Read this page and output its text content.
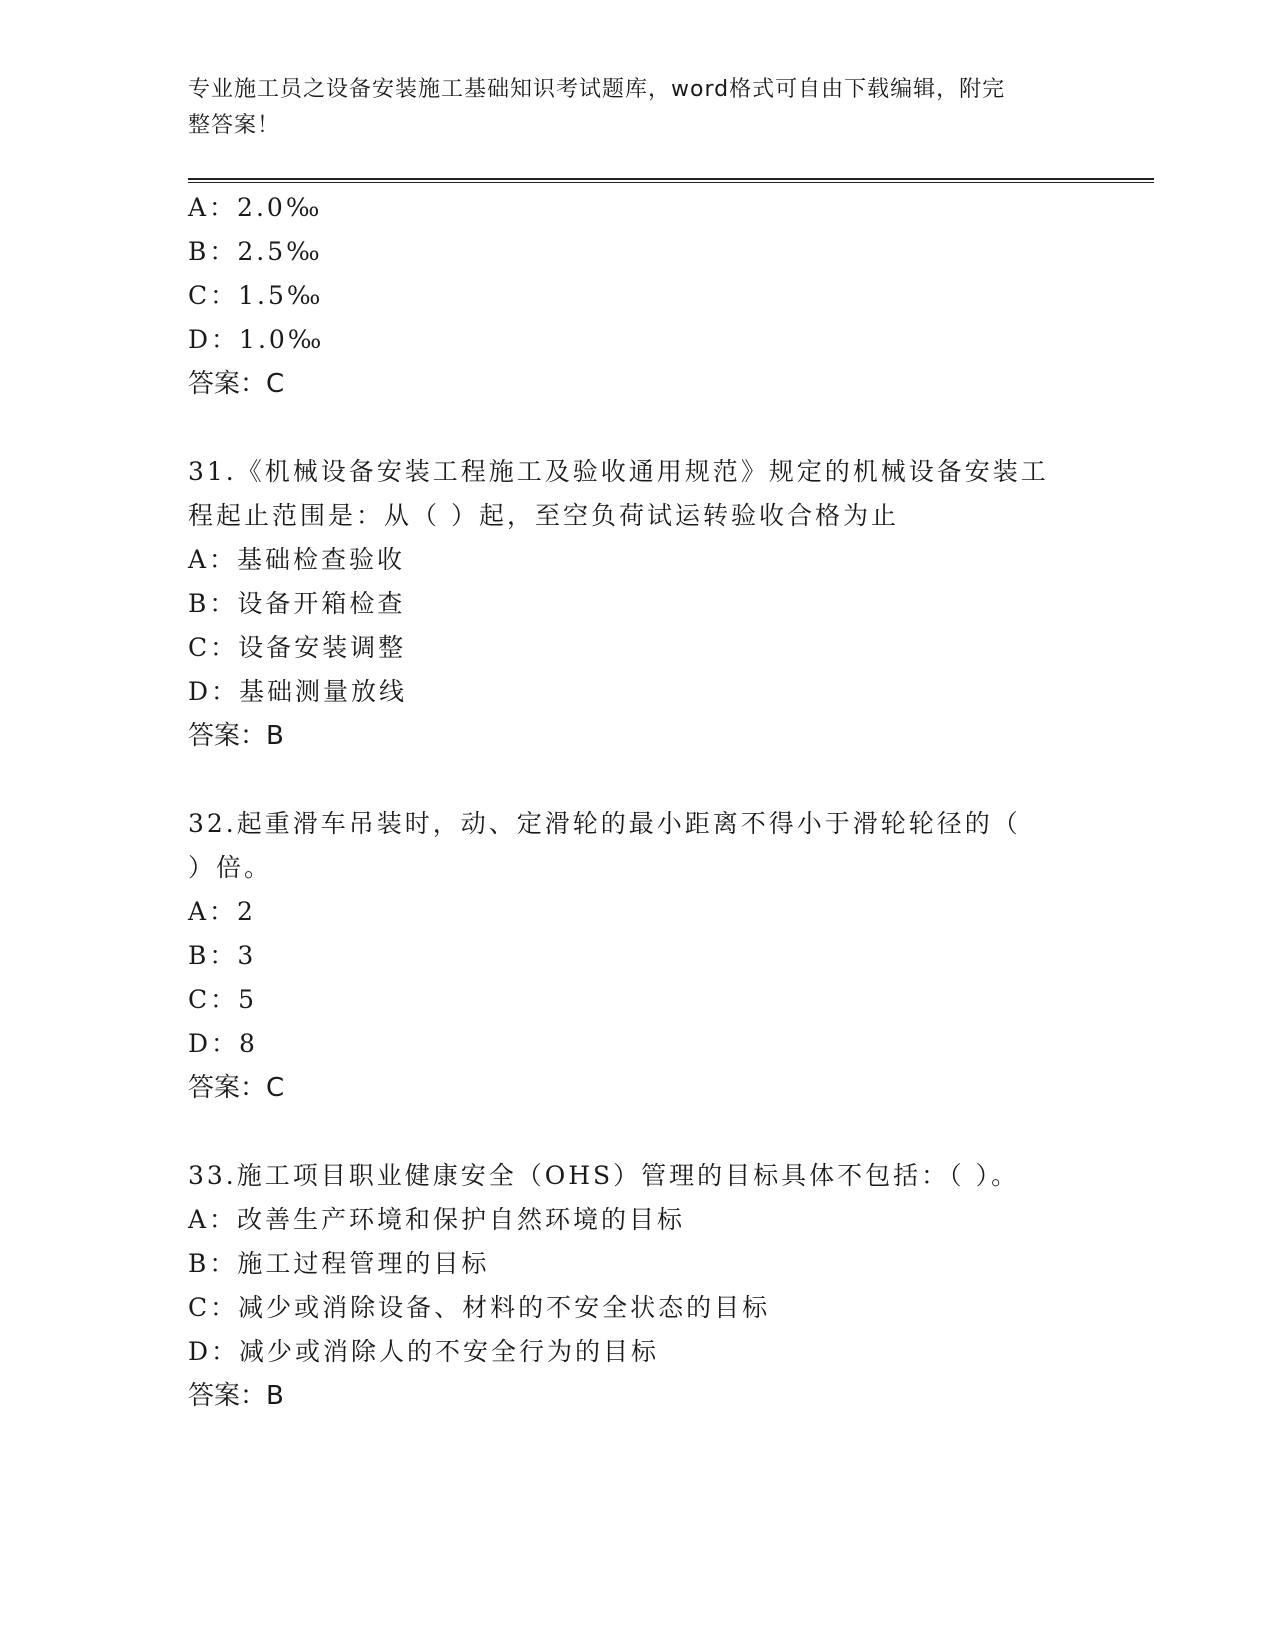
专业施工员之设备安装施工基础知识考试题库，word格式可自由下载编辑，附完
整答案！
A：2.0‰
B：2.5‰
C：1.5‰
D：1.0‰
答案：C
31.《机械设备安装工程施工及验收通用规范》规定的机械设备安装工
程起止范围是：从（ ）起，至空负荷试运转验收合格为止
A：基础检查验收
B：设备开箱检查
C：设备安装调整
D：基础测量放线
答案：B
32.起重滑车吊装时，动、定滑轮的最小距离不得小于滑轮轮径的（
）倍。
A：2
B：3
C：5
D：8
答案：C
33.施工项目职业健康安全（OHS）管理的目标具体不包括：（ ）。
A：改善生产环境和保护自然环境的目标
B：施工过程管理的目标
C：减少或消除设备、材料的不安全状态的目标
D：减少或消除人的不安全行为的目标
答案：B
